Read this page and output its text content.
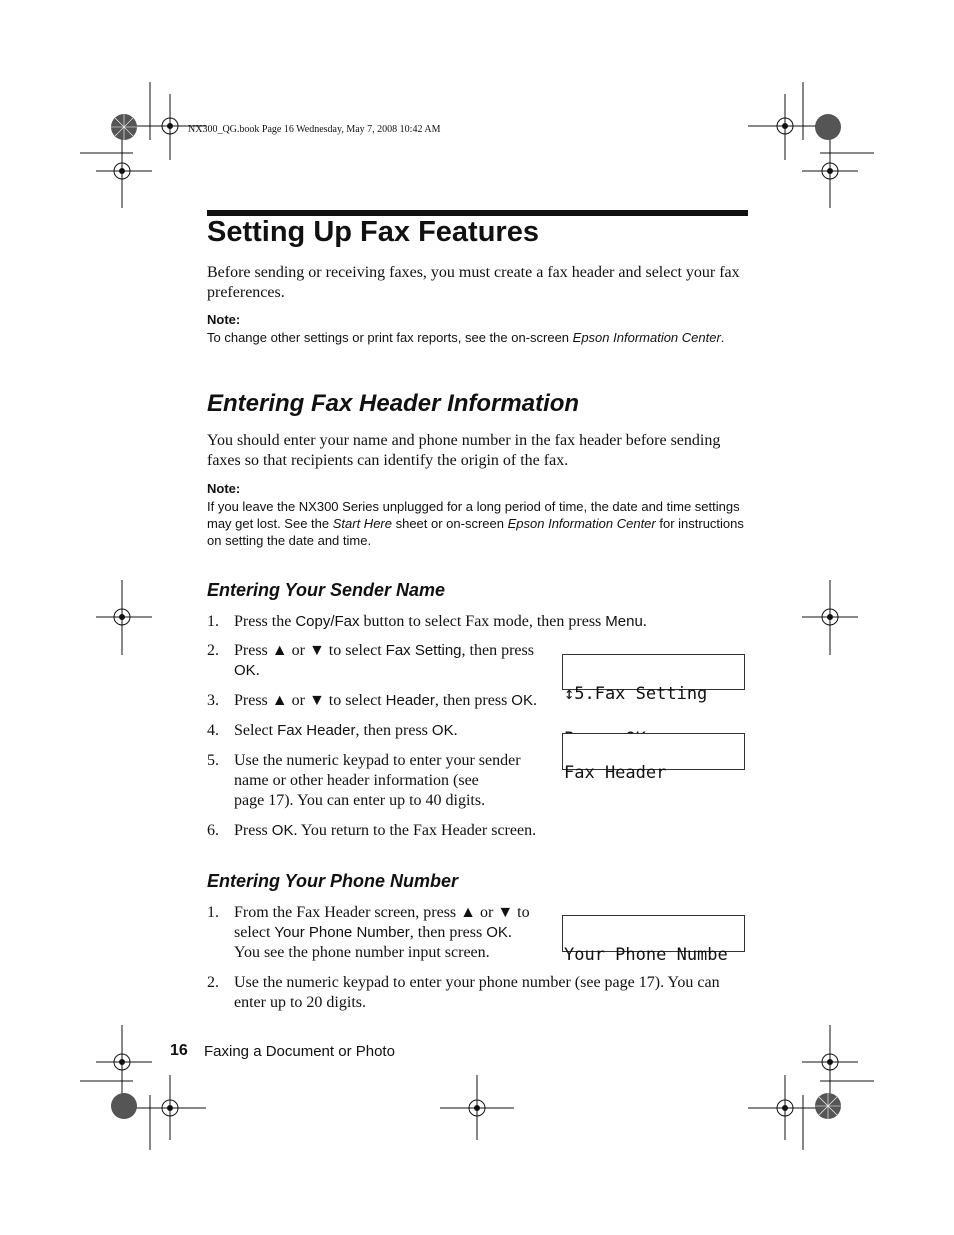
NX300_QG.book Page 16 Wednesday, May 7, 2008 10:42 AM
Setting Up Fax Features
Before sending or receiving faxes, you must create a fax header and select your fax preferences.
Note:
To change other settings or print fax reports, see the on-screen Epson Information Center.
Entering Fax Header Information
You should enter your name and phone number in the fax header before sending faxes so that recipients can identify the origin of the fax.
Note:
If you leave the NX300 Series unplugged for a long period of time, the date and time settings may get lost. See the Start Here sheet or on-screen Epson Information Center for instructions on setting the date and time.
Entering Your Sender Name
1. Press the Copy/Fax button to select Fax mode, then press Menu.
2. Press ▲ or ▼ to select Fax Setting, then press
OK.
3. Press ▲ or ▼ to select Header, then press OK.
4. Select Fax Header, then press OK.
5. Use the numeric keypad to enter your sender
name or other header information (see
page 17). You can enter up to 40 digits.
6. Press OK. You return to the Fax Header screen.

↕5.Fax Setting

Fax Header

Entering Your Phone Number
1. From the Fax Header screen, press ▲ or ▼ to
select Your Phone Number, then press OK.
You see the phone number input screen.

	Your Phone Numbe

2. Use the numeric keypad to enter your phone number (see page 17). You can
enter up to 20 digits.
16 Faxing a Document or Photo
